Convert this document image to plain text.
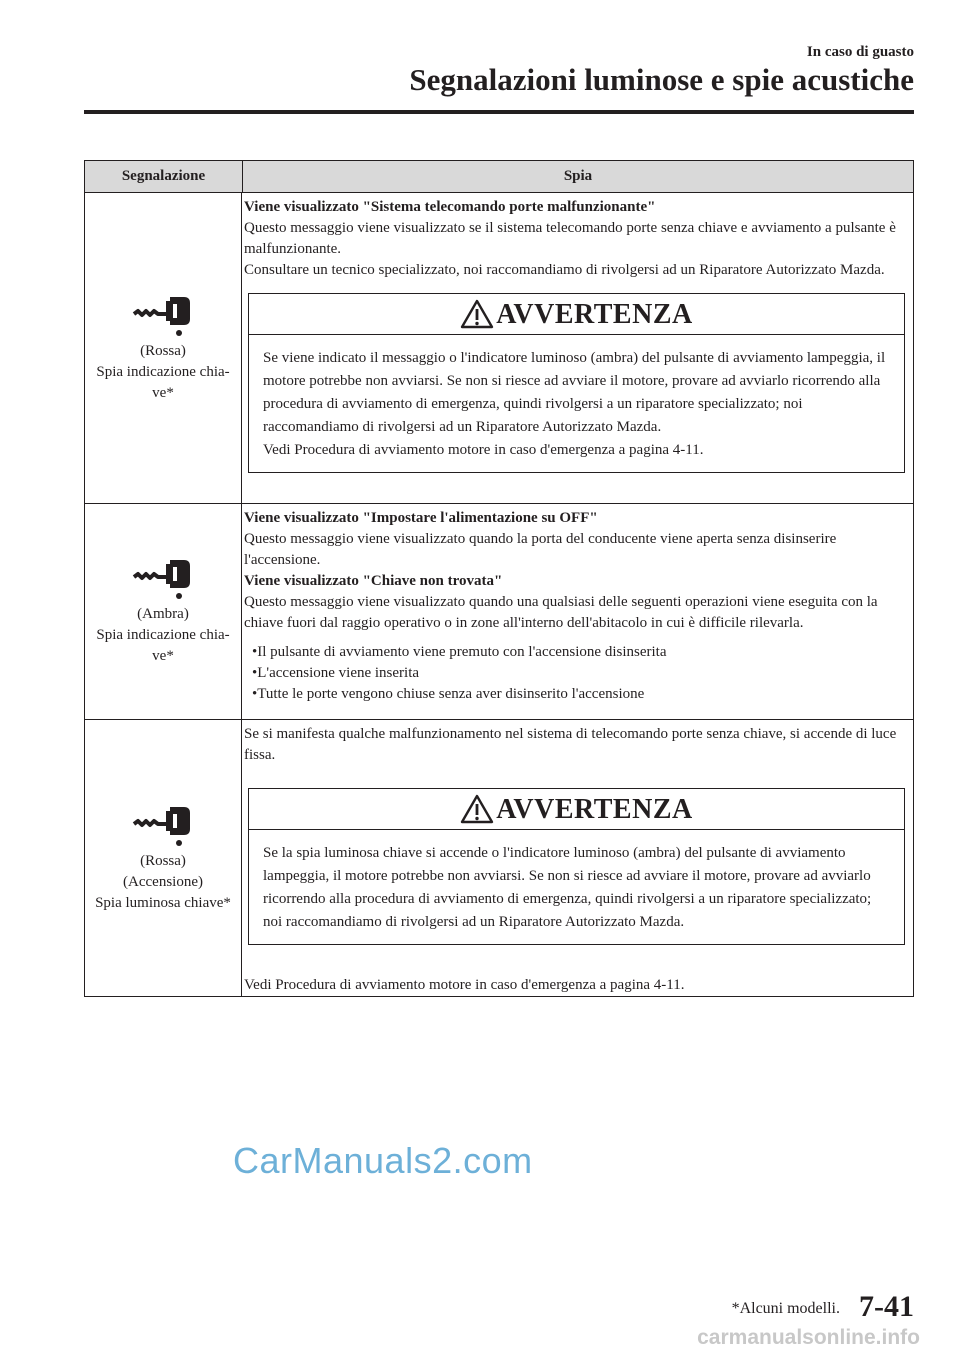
In caso di guasto
Segnalazioni luminose e spie acustiche
Segnalazione	Spia
(Rossa)
Spia indicazione chia-
ve*
Viene visualizzato "Sistema telecomando porte malfunzionante"
Questo messaggio viene visualizzato se il sistema telecomando porte senza chiave e avviamento a pulsante è malfunzionante.
Consultare un tecnico specializzato, noi raccomandiamo di rivolgersi ad un Riparatore Autorizzato Mazda.
AVVERTENZA
Se viene indicato il messaggio o l'indicatore luminoso (ambra) del pulsante di avviamento lampeggia, il motore potrebbe non avviarsi. Se non si riesce ad avviare il motore, provare ad avviarlo ricorrendo alla procedura di avviamento di emergenza, quindi rivolgersi a un riparatore specializzato; noi raccomandiamo di rivolgersi ad un Riparatore Autorizzato Mazda.
Vedi Procedura di avviamento motore in caso d'emergenza a pagina 4-11.
(Ambra)
Spia indicazione chia-
ve*
Viene visualizzato "Impostare l'alimentazione su OFF"
Questo messaggio viene visualizzato quando la porta del conducente viene aperta senza disinserire l'accensione.
Viene visualizzato "Chiave non trovata"
Questo messaggio viene visualizzato quando una qualsiasi delle seguenti operazioni viene eseguita con la chiave fuori dal raggio operativo o in zone all'interno dell'abitacolo in cui è difficile rilevarla.
•Il pulsante di avviamento viene premuto con l'accensione disinserita
•L'accensione viene inserita
•Tutte le porte vengono chiuse senza aver disinserito l'accensione
(Rossa)
(Accensione)
Spia luminosa chiave*
Se si manifesta qualche malfunzionamento nel sistema di telecomando porte senza chiave, si accende di luce fissa.
AVVERTENZA
Se la spia luminosa chiave si accende o l'indicatore luminoso (ambra) del pulsante di avviamento lampeggia, il motore potrebbe non avviarsi. Se non si riesce ad avviare il motore, provare ad avviarlo ricorrendo alla procedura di avviamento di emergenza, quindi rivolgersi a un riparatore specializzato; noi raccomandiamo di rivolgersi ad un Riparatore Autorizzato Mazda.
Vedi Procedura di avviamento motore in caso d'emergenza a pagina 4-11.
CarManuals2.com
*Alcuni modelli. 7-41
carmanualsonline.info
